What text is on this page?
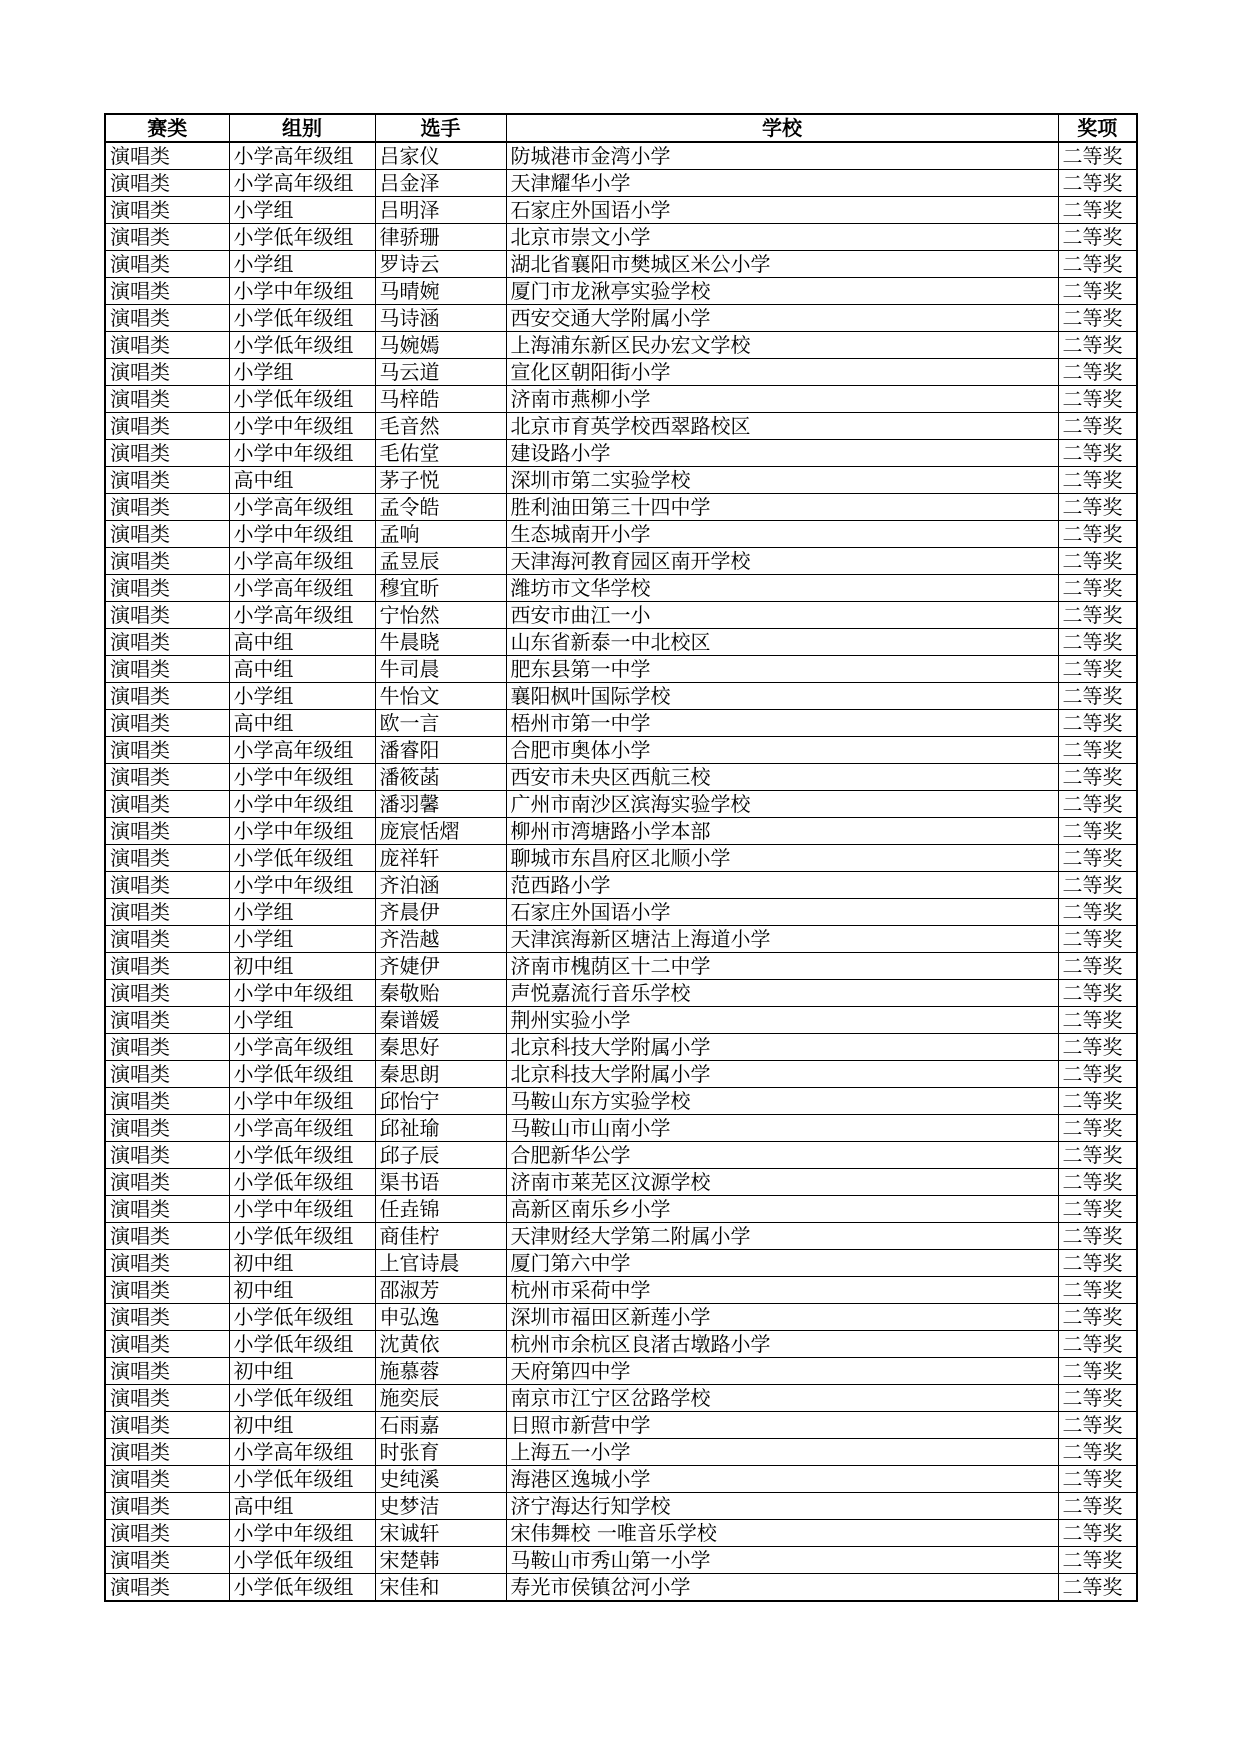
赛类	组别	选手	学校	奖项
演唱类	小学高年级组	吕家仪	防城港市金湾小学	二等奖
演唱类	小学高年级组	吕金泽	天津耀华小学	二等奖
演唱类	小学组	吕明泽	石家庄外国语小学	二等奖
演唱类	小学低年级组	律骄珊	北京市崇文小学	二等奖
演唱类	小学组	罗诗云	湖北省襄阳市樊城区米公小学	二等奖
演唱类	小学中年级组	马晴婉	厦门市龙湫亭实验学校	二等奖
演唱类	小学低年级组	马诗涵	西安交通大学附属小学	二等奖
演唱类	小学低年级组	马婉嫣	上海浦东新区民办宏文学校	二等奖
演唱类	小学组	马云道	宣化区朝阳街小学	二等奖
演唱类	小学低年级组	马梓皓	济南市燕柳小学	二等奖
演唱类	小学中年级组	毛音然	北京市育英学校西翠路校区	二等奖
演唱类	小学中年级组	毛佑堂	建设路小学	二等奖
演唱类	高中组	茅子悦	深圳市第二实验学校	二等奖
演唱类	小学高年级组	孟令皓	胜利油田第三十四中学	二等奖
演唱类	小学中年级组	孟响	生态城南开小学	二等奖
演唱类	小学高年级组	孟昱辰	天津海河教育园区南开学校	二等奖
演唱类	小学高年级组	穆宜昕	潍坊市文华学校	二等奖
演唱类	小学高年级组	宁怡然	西安市曲江一小	二等奖
演唱类	高中组	牛晨晓	山东省新泰一中北校区	二等奖
演唱类	高中组	牛司晨	肥东县第一中学	二等奖
演唱类	小学组	牛怡文	襄阳枫叶国际学校	二等奖
演唱类	高中组	欧一言	梧州市第一中学	二等奖
演唱类	小学高年级组	潘睿阳	合肥市奥体小学	二等奖
演唱类	小学中年级组	潘筱菡	西安市未央区西航三校	二等奖
演唱类	小学中年级组	潘羽馨	广州市南沙区滨海实验学校	二等奖
演唱类	小学中年级组	庞宸恬熠	柳州市湾塘路小学本部	二等奖
演唱类	小学低年级组	庞祥轩	聊城市东昌府区北顺小学	二等奖
演唱类	小学中年级组	齐泊涵	范西路小学	二等奖
演唱类	小学组	齐晨伊	石家庄外国语小学	二等奖
演唱类	小学组	齐浩越	天津滨海新区塘沽上海道小学	二等奖
演唱类	初中组	齐婕伊	济南市槐荫区十二中学	二等奖
演唱类	小学中年级组	秦敬贻	声悦嘉流行音乐学校	二等奖
演唱类	小学组	秦谱媛	荆州实验小学	二等奖
演唱类	小学高年级组	秦思好	北京科技大学附属小学	二等奖
演唱类	小学低年级组	秦思朗	北京科技大学附属小学	二等奖
演唱类	小学中年级组	邱怡宁	马鞍山东方实验学校	二等奖
演唱类	小学高年级组	邱祉瑜	马鞍山市山南小学	二等奖
演唱类	小学低年级组	邱子辰	合肥新华公学	二等奖
演唱类	小学低年级组	渠书语	济南市莱芜区汶源学校	二等奖
演唱类	小学中年级组	任垚锦	高新区南乐乡小学	二等奖
演唱类	小学低年级组	商佳柠	天津财经大学第二附属小学	二等奖
演唱类	初中组	上官诗晨	厦门第六中学	二等奖
演唱类	初中组	邵淑芳	杭州市采荷中学	二等奖
演唱类	小学低年级组	申弘逸	深圳市福田区新莲小学	二等奖
演唱类	小学低年级组	沈黄依	杭州市余杭区良渚古墩路小学	二等奖
演唱类	初中组	施慕蓉	天府第四中学	二等奖
演唱类	小学低年级组	施奕辰	南京市江宁区岔路学校	二等奖
演唱类	初中组	石雨嘉	日照市新营中学	二等奖
演唱类	小学高年级组	时张育	上海五一小学	二等奖
演唱类	小学低年级组	史纯溪	海港区逸城小学	二等奖
演唱类	高中组	史梦洁	济宁海达行知学校	二等奖
演唱类	小学中年级组	宋诚轩	宋伟舞校 一唯音乐学校	二等奖
演唱类	小学低年级组	宋楚韩	马鞍山市秀山第一小学	二等奖
演唱类	小学低年级组	宋佳和	寿光市侯镇岔河小学	二等奖
